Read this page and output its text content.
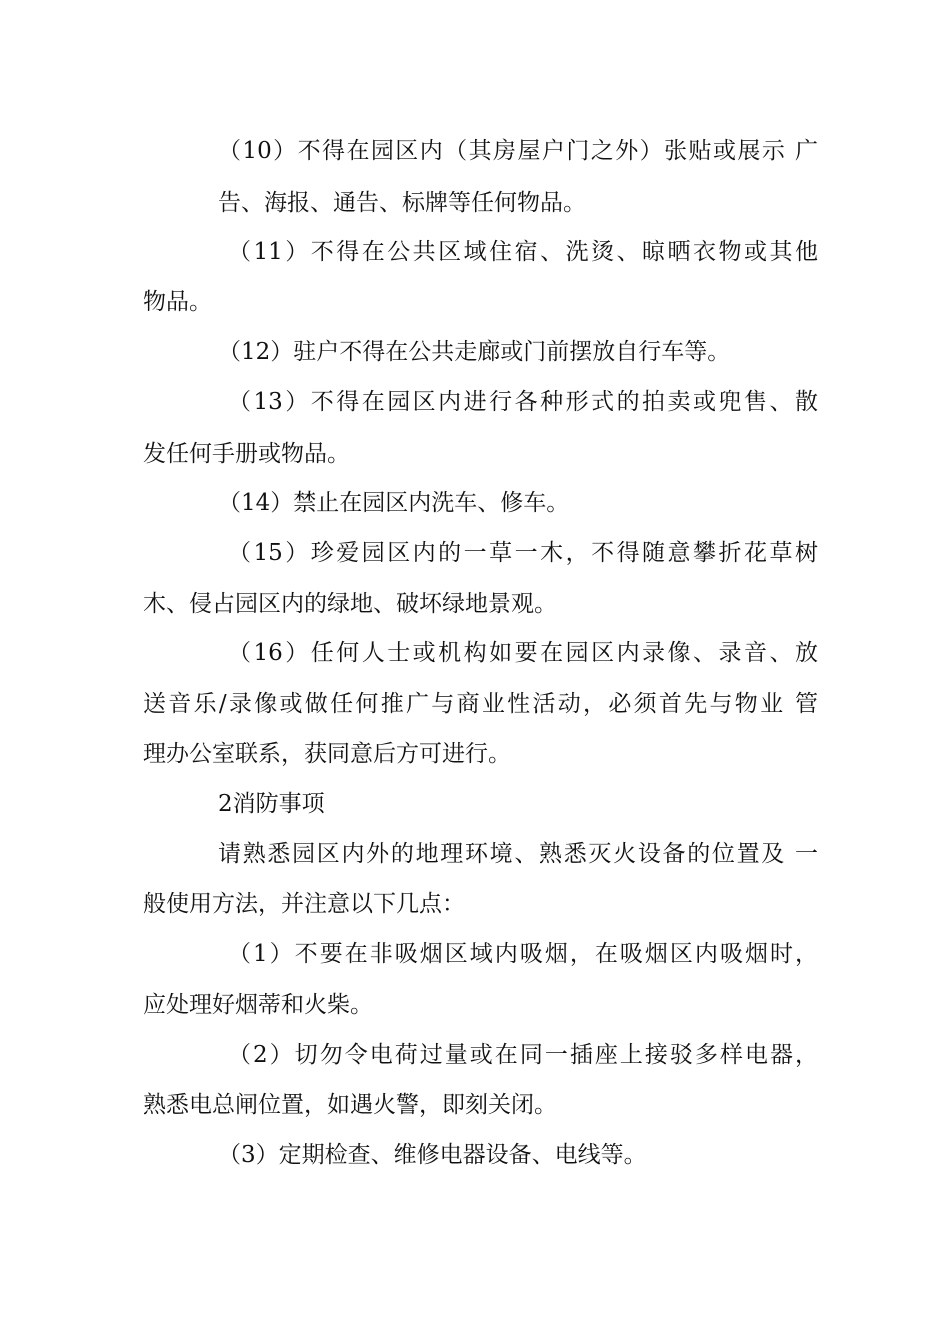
（10）不得在园区内（其房屋户门之外）张贴或展示 广

告、海报、通告、标牌等任何物品。

（11）不得在公共区域住宿、洗烫、晾晒衣物或其他

物品。

（12）驻户不得在公共走廊或门前摆放自行车等。

（13）不得在园区内进行各种形式的拍卖或兜售、散

发任何手册或物品。

（14）禁止在园区内洗车、修车。

（15）珍爱园区内的一草一木，不得随意攀折花草树

木、侵占园区内的绿地、破坏绿地景观。

（16）任何人士或机构如要在园区内录像、录音、放

送音乐/录像或做任何推广与商业性活动，必须首先与物业 管

理办公室联系，获同意后方可进行。

2消防事项

请熟悉园区内外的地理环境、熟悉灭火设备的位置及 一

般使用方法，并注意以下几点：

（1）不要在非吸烟区域内吸烟，在吸烟区内吸烟时，

应处理好烟蒂和火柴。

（2）切勿令电荷过量或在同一插座上接驳多样电器，

熟悉电总闸位置，如遇火警，即刻关闭。

（3）定期检查、维修电器设备、电线等。
